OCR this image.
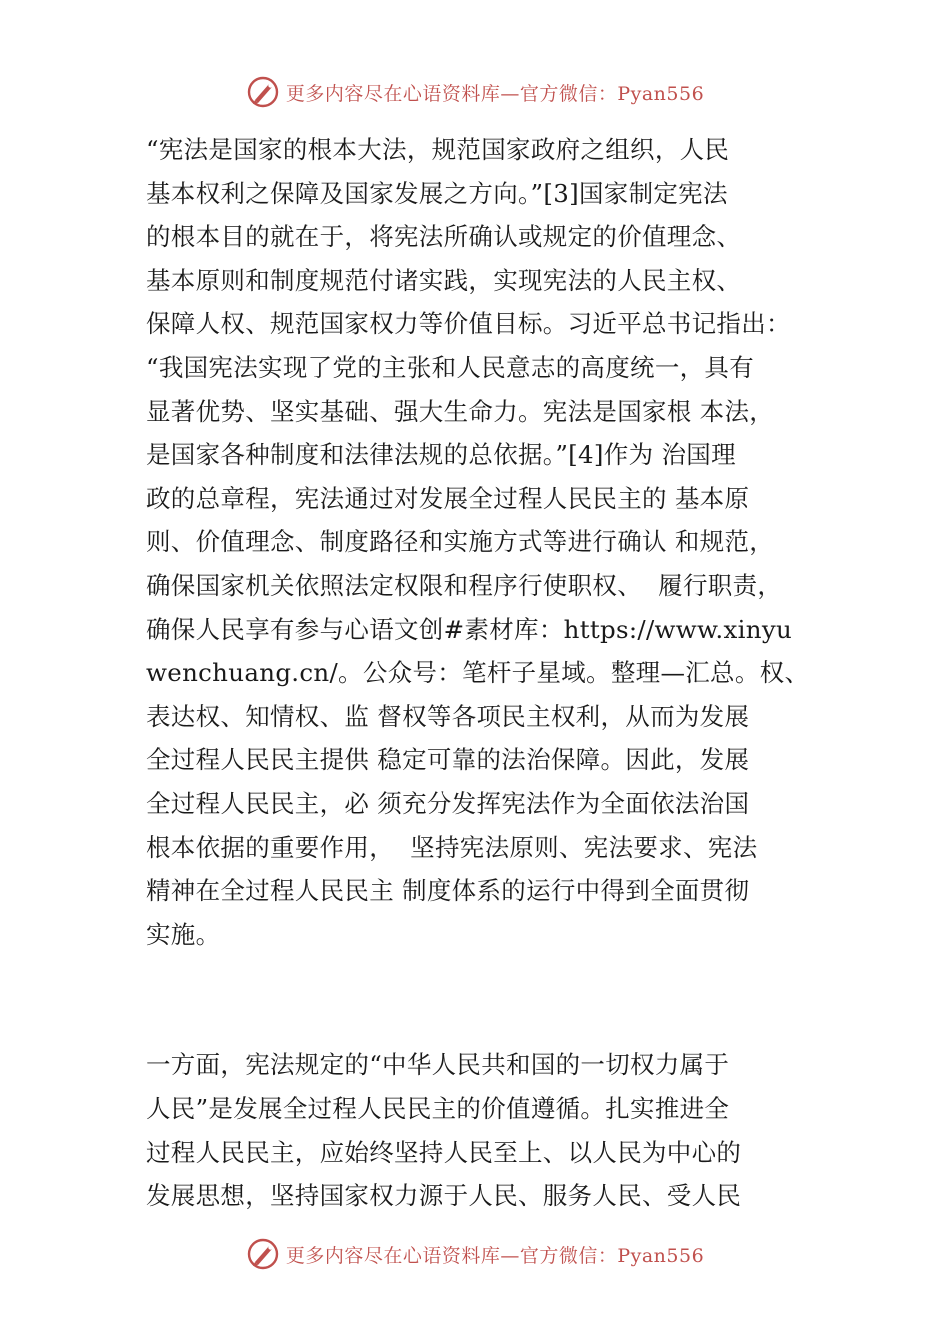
更多内容尽在心语资料库—官方微信：Pyan556
“宪法是国家的根本大法，规范国家政府之组织，人民
基本权利之保障及国家发展之方向。”[3]国家制定宪法
的根本目的就在于，将宪法所确认或规定的价值理念、
基本原则和制度规范付诸实践，实现宪法的人民主权、
保障人权、规范国家权力等价值目标。习近平总书记指出：
“我国宪法实现了党的主张和人民意志的高度统一，具有
显著优势、坚实基础、强大生命力。宪法是国家根 本法，
是国家各种制度和法律法规的总依据。”[4]作为 治国理
政的总章程，宪法通过对发展全过程人民民主的 基本原
则、价值理念、制度路径和实施方式等进行确认 和规范，
确保国家机关依照法定权限和程序行使职权、  履行职责，
确保人民享有参与心语文创#素材库：https://www.xinyu
wenchuang.cn/。公众号：笔杆子星域。整理—汇总。权、
表达权、知情权、监 督权等各项民主权利，从而为发展
全过程人民民主提供 稳定可靠的法治保障。因此，发展
全过程人民民主，必 须充分发挥宪法作为全面依法治国
根本依据的重要作用，  坚持宪法原则、宪法要求、宪法
精神在全过程人民民主 制度体系的运行中得到全面贯彻
实施。
一方面，宪法规定的“中华人民共和国的一切权力属于
人民”是发展全过程人民民主的价值遵循。扎实推进全
过程人民民主，应始终坚持人民至上、以人民为中心的
发展思想，坚持国家权力源于人民、服务人民、受人民
更多内容尽在心语资料库—官方微信：Pyan556
